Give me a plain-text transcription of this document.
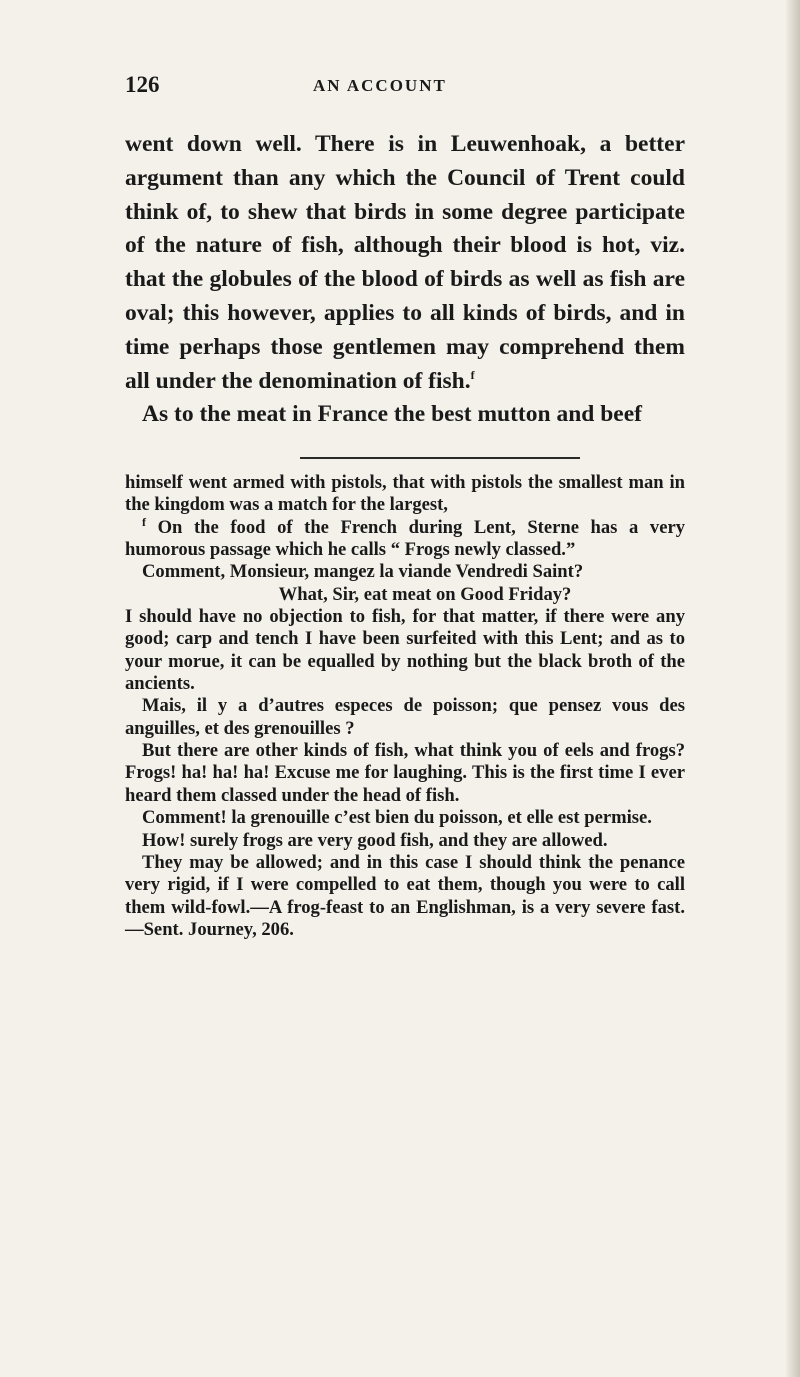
126	AN ACCOUNT

went down well. There is in Leuwenhoak, a better argument than any which the Council of Trent could think of, to shew that birds in some degree participate of the nature of fish, although their blood is hot, viz. that the globules of the blood of birds as well as fish are oval; this however, applies to all kinds of birds, and in time perhaps those gentlemen may comprehend them all under the denomination of fish.$^f$

As to the meat in France the best mutton and beef

himself went armed with pistols, that with pistols the smallest man in the kingdom was a match for the largest,

$^f$ On the food of the French during Lent, Sterne has a very humorous passage which he calls “ Frogs newly classed.”

Comment, Monsieur, mangez la viande Vendredi Saint?

What, Sir, eat meat on Good Friday?

I should have no objection to fish, for that matter, if there were any good; carp and tench I have been surfeited with this Lent; and as to your morue, it can be equalled by nothing but the black broth of the ancients.

Mais, il y a d’autres especes de poisson; que pensez vous des anguilles, et des grenouilles ?

But there are other kinds of fish, what think you of eels and frogs? Frogs! ha! ha! ha! Excuse me for laughing. This is the first time I ever heard them classed under the head of fish.

Comment! la grenouille c’est bien du poisson, et elle est permise.

How! surely frogs are very good fish, and they are allowed.

They may be allowed; and in this case I should think the penance very rigid, if I were compelled to eat them, though you were to call them wild-fowl.—A frog-feast to an Englishman, is a very severe fast.—Sent. Journey, 206.
